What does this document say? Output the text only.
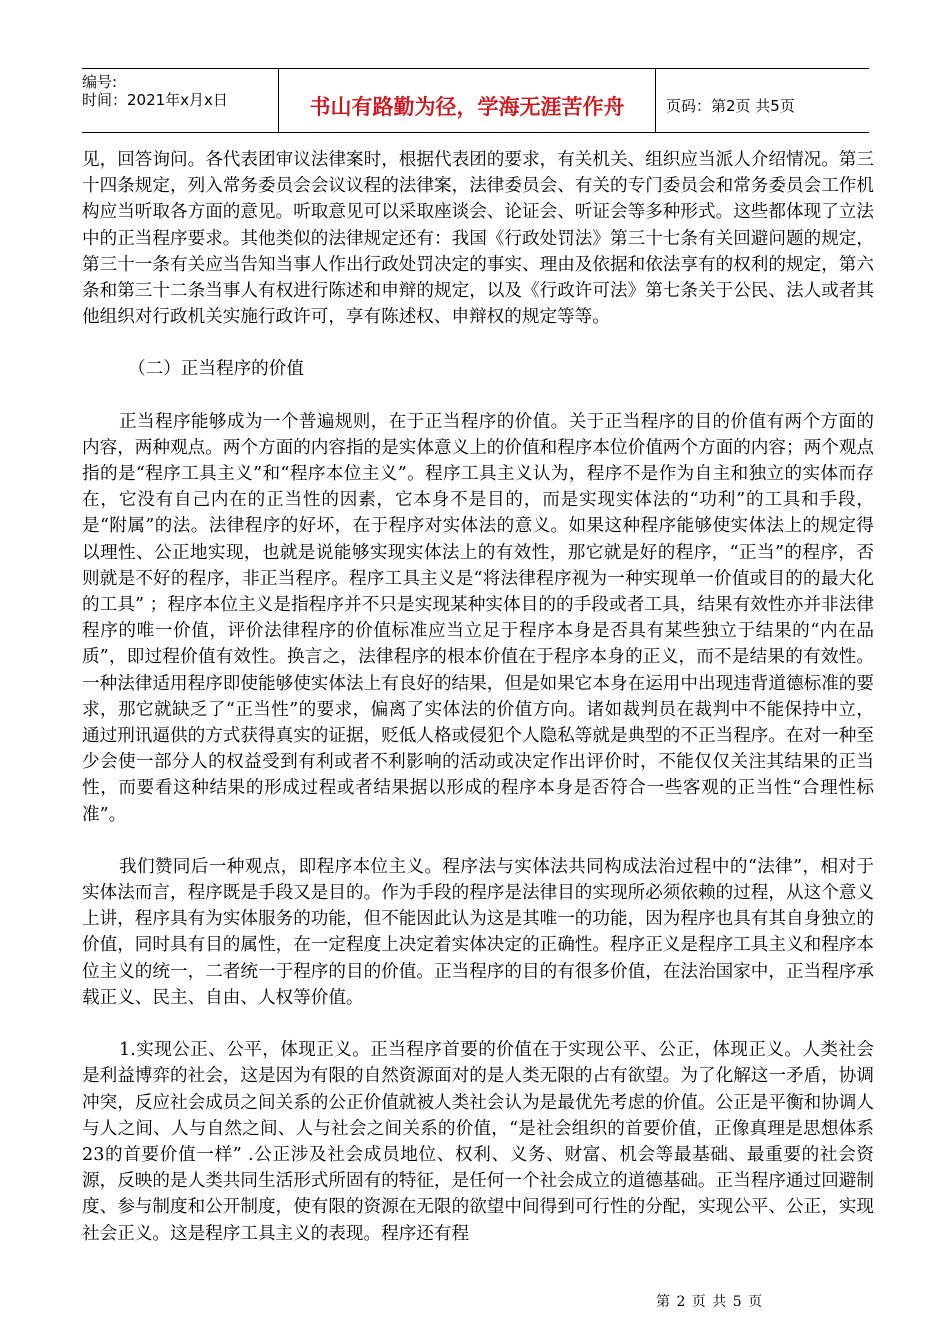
编号:
时间：2021年x月x日	书山有路勤为径，学海无涯苦作舟	页码：第2页 共5页

见，回答询问。各代表团审议法律案时，根据代表团的要求，有关机关、组织应当派人介绍情况。第三十四条规定，列入常务委员会会议议程的法律案，法律委员会、有关的专门委员会和常务委员会工作机构应当听取各方面的意见。听取意见可以采取座谈会、论证会、听证会等多种形式。这些都体现了立法中的正当程序要求。其他类似的法律规定还有：我国《行政处罚法》第三十七条有关回避问题的规定，第三十一条有关应当告知当事人作出行政处罚决定的事实、理由及依据和依法享有的权利的规定，第六条和第三十二条当事人有权进行陈述和申辩的规定，以及《行政许可法》第七条关于公民、法人或者其他组织对行政机关实施行政许可，享有陈述权、申辩权的规定等等。

（二）正当程序的价值

正当程序能够成为一个普遍规则，在于正当程序的价值。关于正当程序的目的价值有两个方面的内容，两种观点。两个方面的内容指的是实体意义上的价值和程序本位价值两个方面的内容；两个观点指的是“程序工具主义”和“程序本位主义”。程序工具主义认为，程序不是作为自主和独立的实体而存在，它没有自己内在的正当性的因素，它本身不是目的，而是实现实体法的“功利”的工具和手段，是“附属”的法。法律程序的好坏，在于程序对实体法的意义。如果这种程序能够使实体法上的规定得以理性、公正地实现，也就是说能够实现实体法上的有效性，那它就是好的程序，“正当”的程序，否则就是不好的程序，非正当程序。程序工具主义是“将法律程序视为一种实现单一价值或目的的最大化的工具” ；程序本位主义是指程序并不只是实现某种实体目的的手段或者工具，结果有效性亦并非法律程序的唯一价值，评价法律程序的价值标准应当立足于程序本身是否具有某些独立于结果的“内在品质”，即过程价值有效性。换言之，法律程序的根本价值在于程序本身的正义，而不是结果的有效性。一种法律适用程序即使能够使实体法上有良好的结果，但是如果它本身在运用中出现违背道德标准的要求，那它就缺乏了“正当性”的要求，偏离了实体法的价值方向。诸如裁判员在裁判中不能保持中立，通过刑讯逼供的方式获得真实的证据，贬低人格或侵犯个人隐私等就是典型的不正当程序。在对一种至少会使一部分人的权益受到有利或者不利影响的活动或决定作出评价时，不能仅仅关注其结果的正当性，而要看这种结果的形成过程或者结果据以形成的程序本身是否符合一些客观的正当性“合理性标准”。

我们赞同后一种观点，即程序本位主义。程序法与实体法共同构成法治过程中的“法律”，相对于实体法而言，程序既是手段又是目的。作为手段的程序是法律目的实现所必须依赖的过程，从这个意义上讲，程序具有为实体服务的功能，但不能因此认为这是其唯一的功能，因为程序也具有其自身独立的价值，同时具有目的属性，在一定程度上决定着实体决定的正确性。程序正义是程序工具主义和程序本位主义的统一，二者统一于程序的目的价值。正当程序的目的有很多价值，在法治国家中，正当程序承载正义、民主、自由、人权等价值。

1.实现公正、公平，体现正义。正当程序首要的价值在于实现公平、公正，体现正义。人类社会是利益博弈的社会，这是因为有限的自然资源面对的是人类无限的占有欲望。为了化解这一矛盾，协调冲突，反应社会成员之间关系的公正价值就被人类社会认为是最优先考虑的价值。公正是平衡和协调人与人之间、人与自然之间、人与社会之间关系的价值，“是社会组织的首要价值，正像真理是思想体系23的首要价值一样” .公正涉及社会成员地位、权利、义务、财富、机会等最基础、最重要的社会资源，反映的是人类共同生活形式所固有的特征，是任何一个社会成立的道德基础。正当程序通过回避制度、参与制度和公开制度，使有限的资源在无限的欲望中间得到可行性的分配，实现公平、公正，实现社会正义。这是程序工具主义的表现。程序还有程

第 2 页 共 5 页
